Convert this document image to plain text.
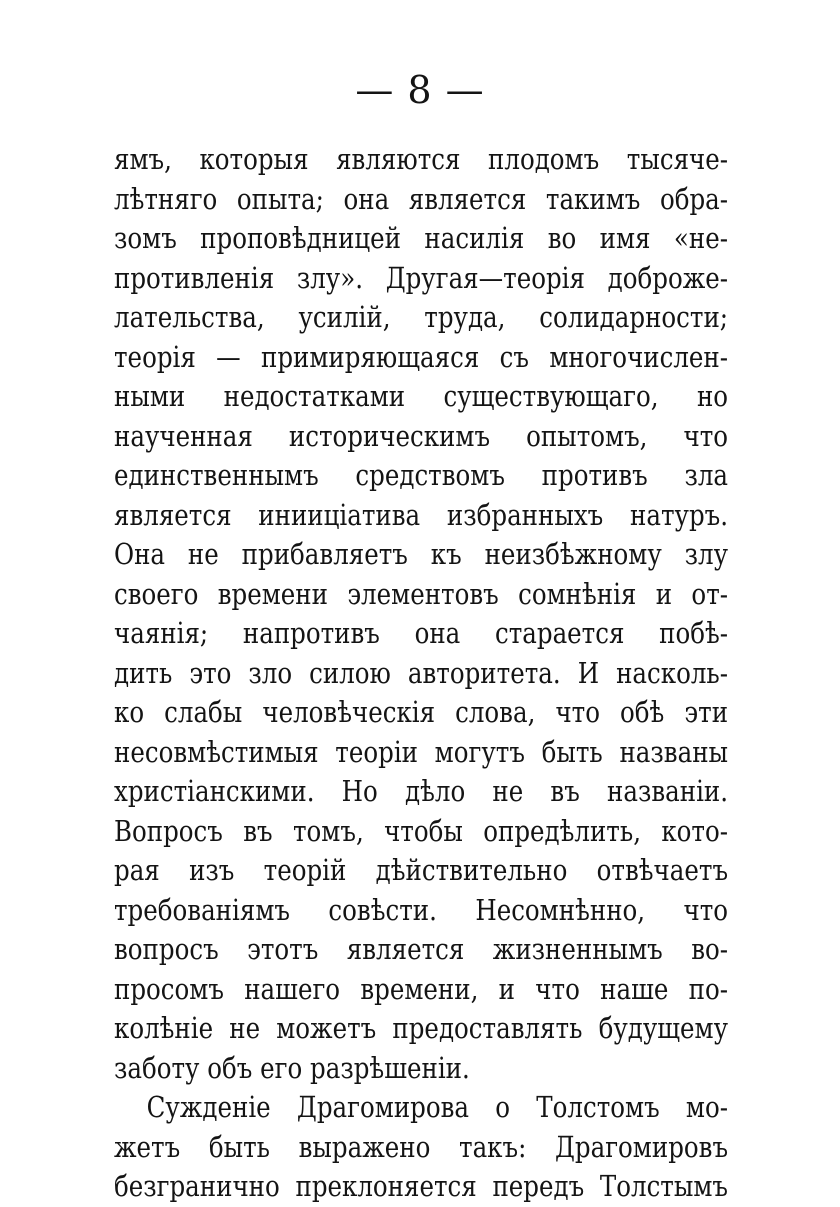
— 8 —
ямъ, которыя являются плодомъ тысяче-
лѣтняго опыта; она является такимъ обра-
зомъ проповѣдницей насилія во имя «не-
противленія злу». Другая—теорія доброже-
лательства, усилій, труда, солидарности;
теорія — примиряющаяся съ многочислен-
ными недостатками существующаго, но
наученная историческимъ опытомъ, что
единственнымъ средствомъ противъ зла
является инииціатива избранныхъ натуръ.
Она не прибавляетъ къ неизбѣжному злу
своего времени элементовъ сомнѣнія и от-
чаянія; напротивъ она старается побѣ-
дить это зло силою авторитета. И насколь-
ко слабы человѣческія слова, что обѣ эти
несовмѣстимыя теоріи могутъ быть названы
христіанскими. Но дѣло не въ названіи.
Вопросъ въ томъ, чтобы опредѣлить, кото-
рая изъ теорій дѣйствительно отвѣчаетъ
требованіямъ совѣсти. Несомнѣнно, что
вопросъ этотъ является жизненнымъ во-
просомъ нашего времени, и что наше по-
колѣніе не можетъ предоставлять будущему
заботу объ его разрѣшеніи.
Сужденіе Драгомирова о Толстомъ мо-
жетъ быть выражено такъ: Драгомировъ
безгранично преклоняется передъ Толстымъ
